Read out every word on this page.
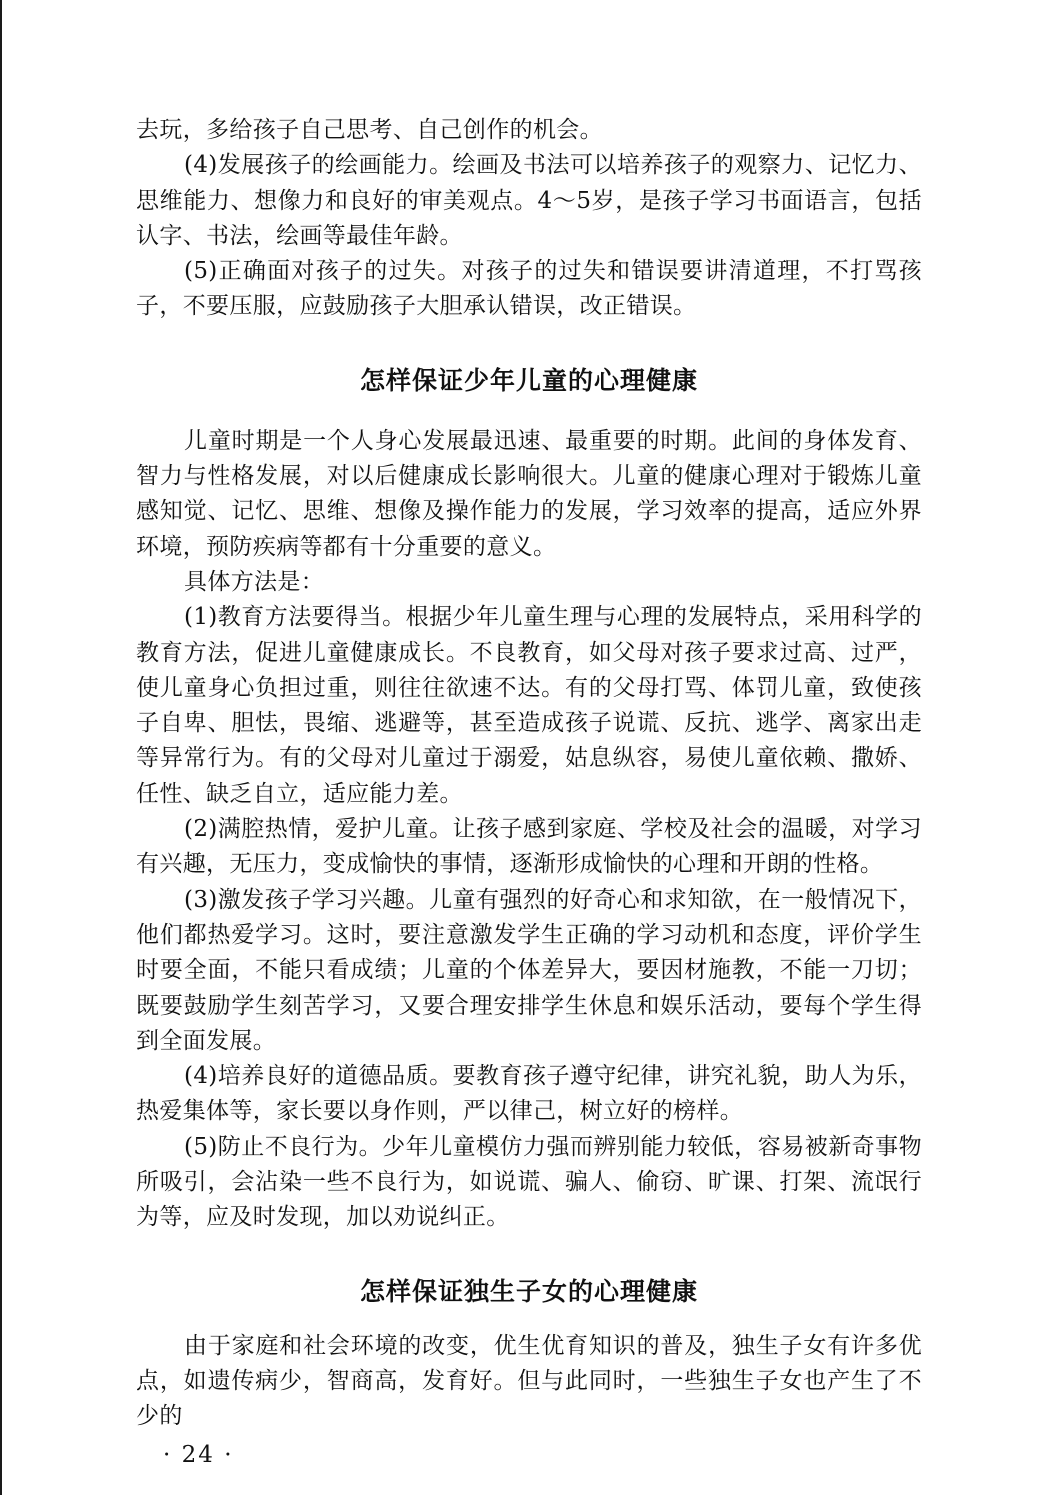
去玩，多给孩子自己思考、自己创作的机会。

(4)发展孩子的绘画能力。绘画及书法可以培养孩子的观察力、记忆力、思维能力、想像力和良好的审美观点。4～5岁，是孩子学习书面语言，包括认字、书法，绘画等最佳年龄。

(5)正确面对孩子的过失。对孩子的过失和错误要讲清道理，不打骂孩子，不要压服，应鼓励孩子大胆承认错误，改正错误。

怎样保证少年儿童的心理健康

儿童时期是一个人身心发展最迅速、最重要的时期。此间的身体发育、智力与性格发展，对以后健康成长影响很大。儿童的健康心理对于锻炼儿童感知觉、记忆、思维、想像及操作能力的发展，学习效率的提高，适应外界环境，预防疾病等都有十分重要的意义。

具体方法是：

(1)教育方法要得当。根据少年儿童生理与心理的发展特点，采用科学的教育方法，促进儿童健康成长。不良教育，如父母对孩子要求过高、过严，使儿童身心负担过重，则往往欲速不达。有的父母打骂、体罚儿童，致使孩子自卑、胆怯，畏缩、逃避等，甚至造成孩子说谎、反抗、逃学、离家出走等异常行为。有的父母对儿童过于溺爱，姑息纵容，易使儿童依赖、撒娇、任性、缺乏自立，适应能力差。

(2)满腔热情，爱护儿童。让孩子感到家庭、学校及社会的温暖，对学习有兴趣，无压力，变成愉快的事情，逐渐形成愉快的心理和开朗的性格。

(3)激发孩子学习兴趣。儿童有强烈的好奇心和求知欲，在一般情况下，他们都热爱学习。这时，要注意激发学生正确的学习动机和态度，评价学生时要全面，不能只看成绩；儿童的个体差异大，要因材施教，不能一刀切；既要鼓励学生刻苦学习，又要合理安排学生休息和娱乐活动，要每个学生得到全面发展。

(4)培养良好的道德品质。要教育孩子遵守纪律，讲究礼貌，助人为乐，热爱集体等，家长要以身作则，严以律己，树立好的榜样。

(5)防止不良行为。少年儿童模仿力强而辨别能力较低，容易被新奇事物所吸引，会沾染一些不良行为，如说谎、骗人、偷窃、旷课、打架、流氓行为等，应及时发现，加以劝说纠正。

怎样保证独生子女的心理健康

由于家庭和社会环境的改变，优生优育知识的普及，独生子女有许多优点，如遗传病少，智商高，发育好。但与此同时，一些独生子女也产生了不少的

· 24 ·
